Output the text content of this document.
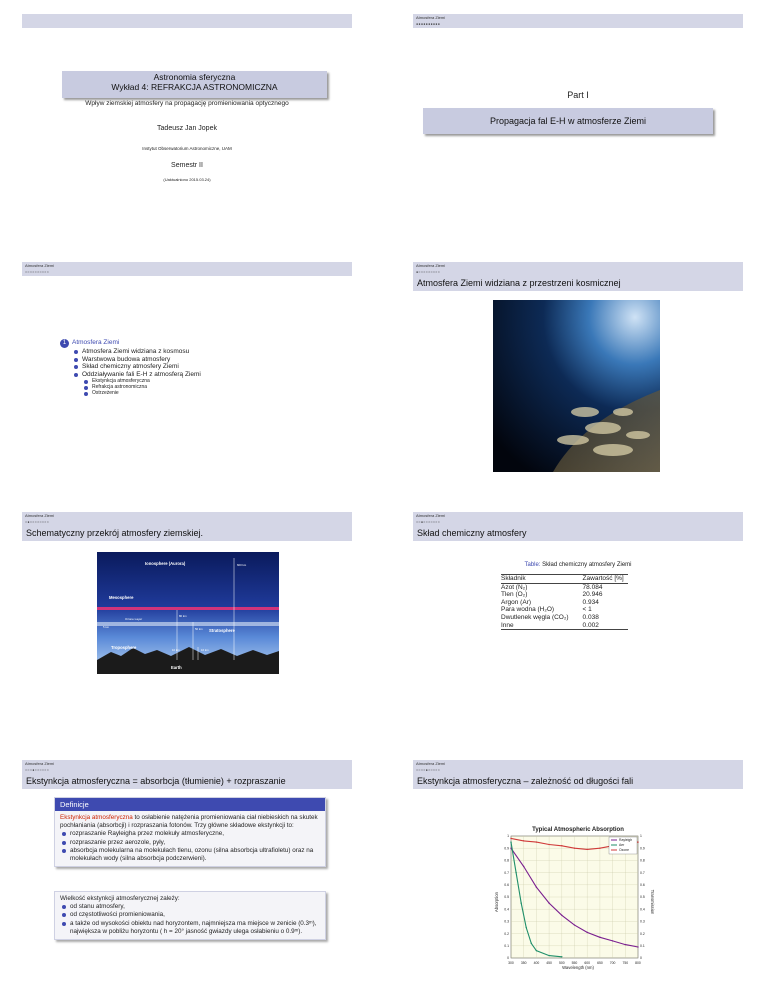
Astronomia sferyczna
Wykład 4: REFRAKCJA ASTRONOMICZNA
Wpływ ziemskiej atmosfery na propagację promieniowania optycznego
Tadeusz Jan Jopek
Instytut Obserwatorium Astronomiczne, UAM
Semestr II
(Uaktualniono 2015.03.24)
Atmosfera Ziemi
●●●●●●●●●●
Part I
Propagacja fal E-H w atmosferze Ziemi
Atmosfera Ziemi
○○○○○○○○○○
1 Atmosfera Ziemi
Atmosfera Ziemi widziana z kosmosu
Warstwowa budowa atmosfery
Skład chemiczny atmosfery Ziemi
Oddziaływanie fali E-H z atmosferą Ziemi
Ekstynkcja atmosferyczna
Refrakcja astronomiczna
Ostrzeżenie
Atmosfera Ziemi
●○○○○○○○○○
Atmosfera Ziemi widziana z przestrzeni kosmicznej
Atmosfera Ziemi
○●○○○○○○○○
Schematyczny przekrój atmosfery ziemskiej.
Ionosphere (Aurora)
Mesosphere
Stratosphere
Troposphere
Earth
Ozone Layer
600 km
80 km
50 km
10 km	16 km
5 km
Atmosfera Ziemi
○○●○○○○○○○
Skład chemiczny atmosfery
Table: Skład chemiczny atmosfery Ziemi
Składnik	Zawartość [%]
Azot (N₂)	78.084
Tlen (O₂)	20.946
Argon (Ar)	0.934
Para wodna (H₂O)	< 1
Dwutlenek węgla (CO₂)	0.038
Inne	0.002
Atmosfera Ziemi
○○○●○○○○○○
Ekstynkcja atmosferyczna = absorbcja (tłumienie) + rozpraszanie
Definicje
Ekstynkcja atmosferyczna to osłabienie natężenia promieniowania ciał niebieskich na skutek pochłaniania (absorbcji) i rozpraszania fotonów. Trzy główne składowe ekstynkcji to:
rozpraszanie Rayleigha przez molekuły atmosferyczne,
rozpraszanie przez aerozole, pyły,
absorbcja molekularna na molekułach tlenu, ozonu (silna absorbcja ultrafioletu) oraz na molekułach wody (silna absorbcja podczerwieni).
Wielkość ekstynkcji atmosferycznej zależy:
od stanu atmosfery,
od częstotliwości promieniowania,
a także od wysokości obiektu nad horyzontem, najmniejsza ma miejsce w zenicie (0.3ᵐ), największa w pobliżu horyzontu ( h = 20° jasność gwiazdy ulega osłabieniu o 0.9ᵐ).
Atmosfera Ziemi
○○○○●○○○○○
Ekstynkcja atmosferyczna – zależność od długości fali
Typical Atmospheric Absorption
Wavelength (nm)
Absorption	Transmission
300 350 400 450 500 550 600 650 700 750 800
0	0
0.1	0.1
0.2	0.2
0.3	0.3
0.4	0.4
0.5	0.5
0.6	0.6
0.7	0.7
0.8	0.8
0.9	0.9
1	1
Rayleigh
Aer
Ozone
